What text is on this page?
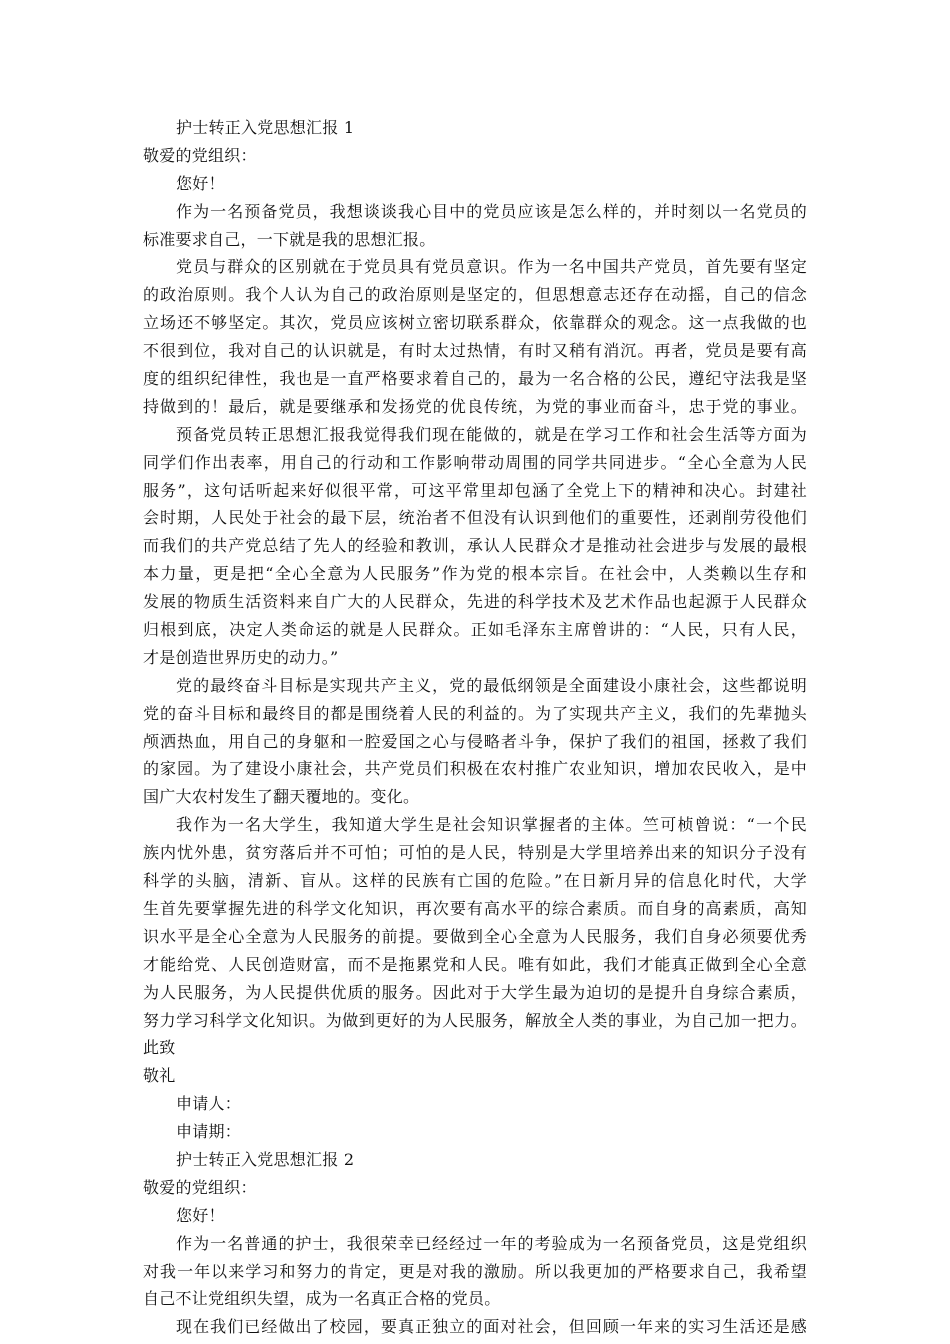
护士转正入党思想汇报 1
敬爱的党组织：
您好！
作为一名预备党员，我想谈谈我心目中的党员应该是怎么样的，并时刻以一名党员的
标准要求自己，一下就是我的思想汇报。
党员与群众的区别就在于党员具有党员意识。作为一名中国共产党员，首先要有坚定
的政治原则。我个人认为自己的政治原则是坚定的，但思想意志还存在动摇，自己的信念
立场还不够坚定。其次，党员应该树立密切联系群众，依靠群众的观念。这一点我做的也
不很到位，我对自己的认识就是，有时太过热情，有时又稍有消沉。再者，党员是要有高
度的组织纪律性，我也是一直严格要求着自己的，最为一名合格的公民，遵纪守法我是坚
持做到的！最后，就是要继承和发扬党的优良传统，为党的事业而奋斗，忠于党的事业。
预备党员转正思想汇报我觉得我们现在能做的，就是在学习工作和社会生活等方面为
同学们作出表率，用自己的行动和工作影响带动周围的同学共同进步。“全心全意为人民
服务”，这句话听起来好似很平常，可这平常里却包涵了全党上下的精神和决心。封建社
会时期，人民处于社会的最下层，统治者不但没有认识到他们的重要性，还剥削劳役他们
而我们的共产党总结了先人的经验和教训，承认人民群众才是推动社会进步与发展的最根
本力量，更是把“全心全意为人民服务”作为党的根本宗旨。在社会中，人类赖以生存和
发展的物质生活资料来自广大的人民群众，先进的科学技术及艺术作品也起源于人民群众
归根到底，决定人类命运的就是人民群众。正如毛泽东主席曾讲的：“人民，只有人民，
才是创造世界历史的动力。”
党的最终奋斗目标是实现共产主义，党的最低纲领是全面建设小康社会，这些都说明
党的奋斗目标和最终目的都是围绕着人民的利益的。为了实现共产主义，我们的先辈抛头
颅洒热血，用自己的身躯和一腔爱国之心与侵略者斗争，保护了我们的祖国，拯救了我们
的家园。为了建设小康社会，共产党员们积极在农村推广农业知识，增加农民收入，是中
国广大农村发生了翻天覆地的。变化。
我作为一名大学生，我知道大学生是社会知识掌握者的主体。竺可桢曾说：“一个民
族内忧外患，贫穷落后并不可怕；可怕的是人民，特别是大学里培养出来的知识分子没有
科学的头脑，清新、盲从。这样的民族有亡国的危险。”在日新月异的信息化时代，大学
生首先要掌握先进的科学文化知识，再次要有高水平的综合素质。而自身的高素质，高知
识水平是全心全意为人民服务的前提。要做到全心全意为人民服务，我们自身必须要优秀
才能给党、人民创造财富，而不是拖累党和人民。唯有如此，我们才能真正做到全心全意
为人民服务，为人民提供优质的服务。因此对于大学生最为迫切的是提升自身综合素质，
努力学习科学文化知识。为做到更好的为人民服务，解放全人类的事业，为自己加一把力。
此致
敬礼
申请人：
申请期：
护士转正入党思想汇报 2
敬爱的党组织：
您好！
作为一名普通的护士，我很荣幸已经经过一年的考验成为一名预备党员，这是党组织
对我一年以来学习和努力的肯定，更是对我的激励。所以我更加的严格要求自己，我希望
自己不让党组织失望，成为一名真正合格的党员。
现在我们已经做出了校园，要真正独立的面对社会，但回顾一年来的实习生活还是感
